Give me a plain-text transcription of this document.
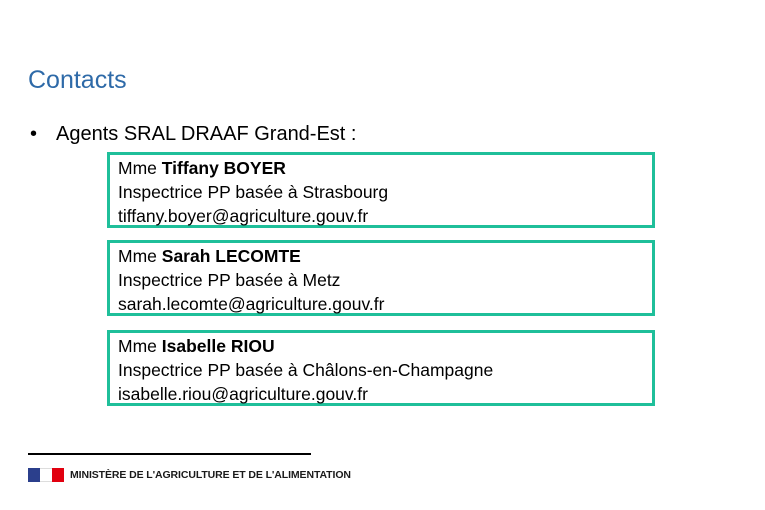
Contacts
• Agents SRAL DRAAF Grand-Est :
Mme Tiffany BOYER
Inspectrice PP basée à Strasbourg
tiffany.boyer@agriculture.gouv.fr
Mme Sarah LECOMTE
Inspectrice PP basée à Metz
sarah.lecomte@agriculture.gouv.fr
Mme Isabelle RIOU
Inspectrice PP basée à Châlons-en-Champagne
isabelle.riou@agriculture.gouv.fr
MINISTÈRE DE L'AGRICULTURE ET DE L'ALIMENTATION
